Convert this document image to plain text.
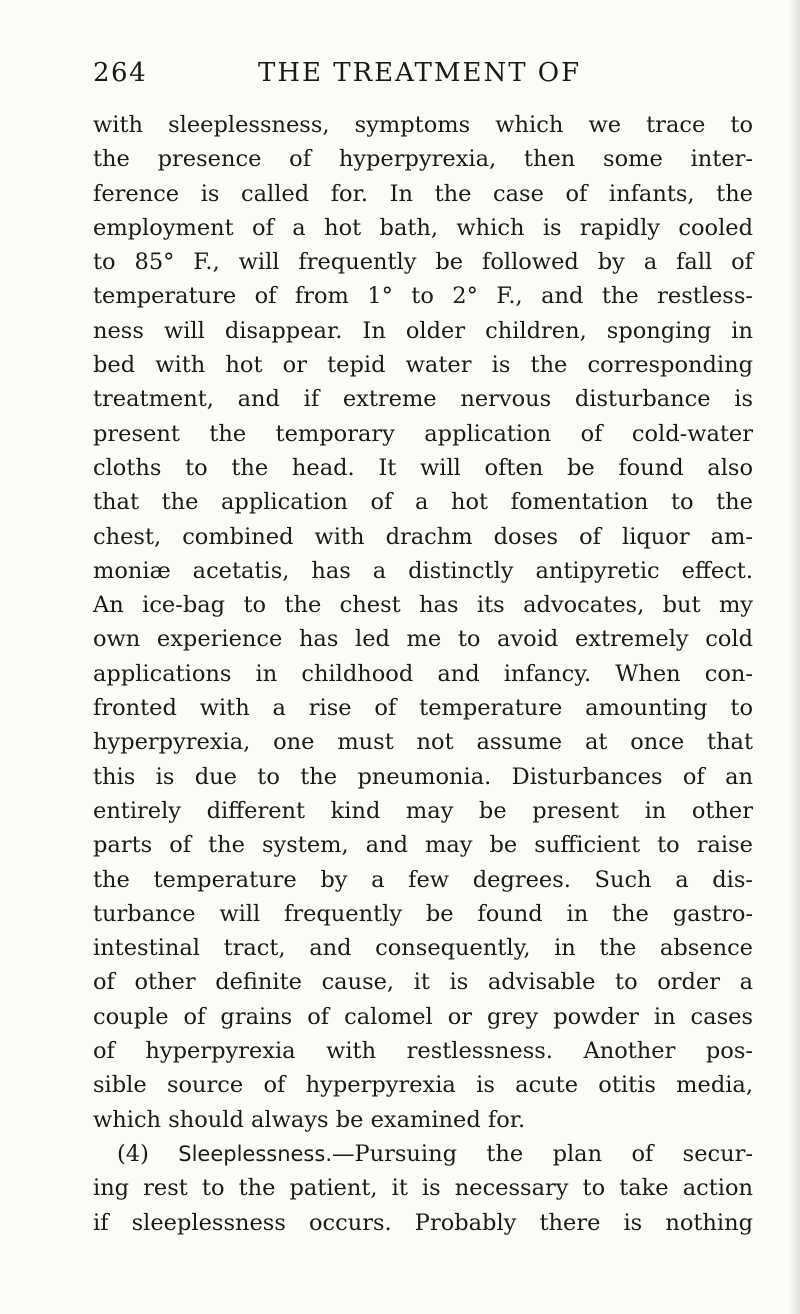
264	THE TREATMENT OF
with sleeplessness, symptoms which we trace to
the presence of hyperpyrexia, then some inter-
ference is called for. In the case of infants, the
employment of a hot bath, which is rapidly cooled
to 85° F., will frequently be followed by a fall of
temperature of from 1° to 2° F., and the restless-
ness will disappear. In older children, sponging in
bed with hot or tepid water is the corresponding
treatment, and if extreme nervous disturbance is
present the temporary application of cold-water
cloths to the head. It will often be found also
that the application of a hot fomentation to the
chest, combined with drachm doses of liquor am-
moniæ acetatis, has a distinctly antipyretic effect.
An ice-bag to the chest has its advocates, but my
own experience has led me to avoid extremely cold
applications in childhood and infancy. When con-
fronted with a rise of temperature amounting to
hyperpyrexia, one must not assume at once that
this is due to the pneumonia. Disturbances of an
entirely different kind may be present in other
parts of the system, and may be sufficient to raise
the temperature by a few degrees. Such a dis-
turbance will frequently be found in the gastro-
intestinal tract, and consequently, in the absence
of other definite cause, it is advisable to order a
couple of grains of calomel or grey powder in cases
of hyperpyrexia with restlessness. Another pos-
sible source of hyperpyrexia is acute otitis media,
which should always be examined for.
(4) Sleeplessness.—Pursuing the plan of secur-
ing rest to the patient, it is necessary to take action
if sleeplessness occurs. Probably there is nothing
